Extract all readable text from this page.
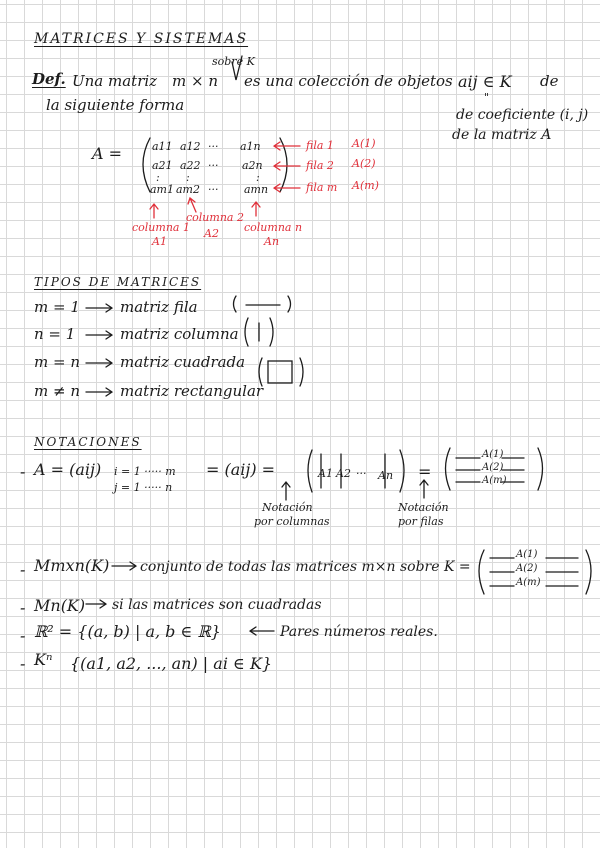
MATRICES Y SISTEMAS
Def. Una matriz m × n
sobre K
es una colección de objetos aij ∈ K de
la siguiente forma	"
de coeficiente (i, j)
de la matriz A
A =	a11 a12 ··· a1n
a21 a22 ··· a2n
: :	:
am1 am2 ··· amn
fila 1 A(1)
fila 2 A(2)
fila m A(m)
columna 1
A1
columna 2
A2 columna n
An
TIPOS DE MATRICES
m = 1	matriz fila
n = 1	matriz columna
m = n	matriz cuadrada
m ≠ n	matriz rectangular
NOTACIONES
- A = (aij) i = 1 ····· m
j = 1 ····· n
= (aij) =	A1 A2 ··· An =
A(1)
A(2)
A(m)
Notación
por columnas
Notación
por filas
- Mmxn(K) conjunto de todas las matrices m×n sobre K =
A(1)
A(2)
A(m)
- Mn(K) si las matrices son cuadradas
- ℝ² = {(a, b) | a, b ∈ ℝ}	Pares números reales.
- Kⁿ {(a1, a2, ..., an) | ai ∈ K}
